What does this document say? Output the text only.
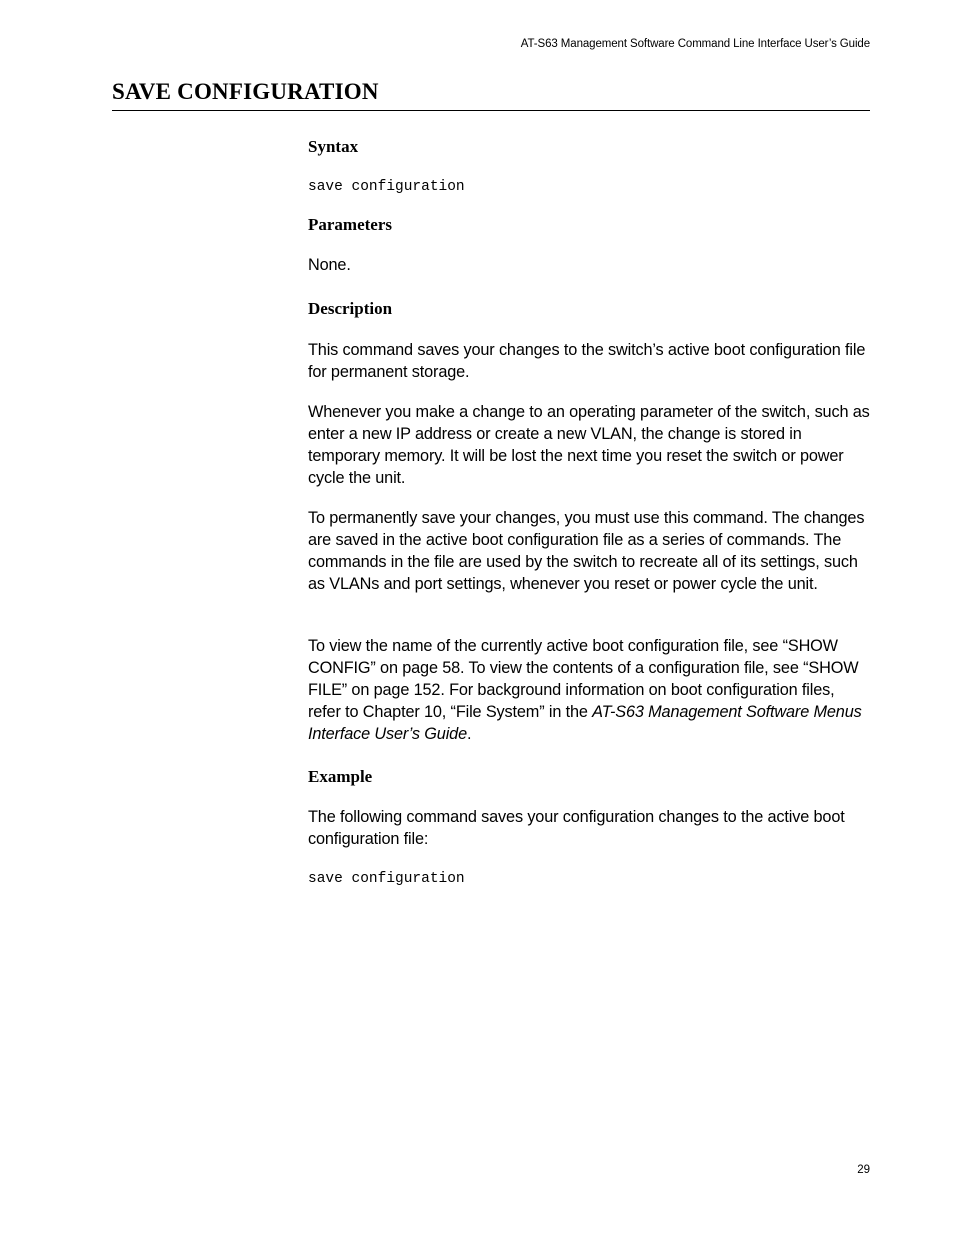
AT-S63 Management Software Command Line Interface User’s Guide
SAVE CONFIGURATION
Syntax
save configuration
Parameters

None.

Description

This command saves your changes to the switch’s active boot configuration file for permanent storage.

Whenever you make a change to an operating parameter of the switch, such as enter a new IP address or create a new VLAN, the change is stored in temporary memory. It will be lost the next time you reset the switch or power cycle the unit.

To permanently save your changes, you must use this command. The changes are saved in the active boot configuration file as a series of commands. The commands in the file are used by the switch to recreate all of its settings, such as VLANs and port settings, whenever you reset or power cycle the unit.

To view the name of the currently active boot configuration file, see “SHOW CONFIG” on page 58. To view the contents of a configuration file, see “SHOW FILE” on page 152. For background information on boot configuration files, refer to Chapter 10, “File System” in the AT-S63 Management Software Menus Interface User’s Guide.

Example

The following command saves your configuration changes to the active boot configuration file:

save configuration
29
